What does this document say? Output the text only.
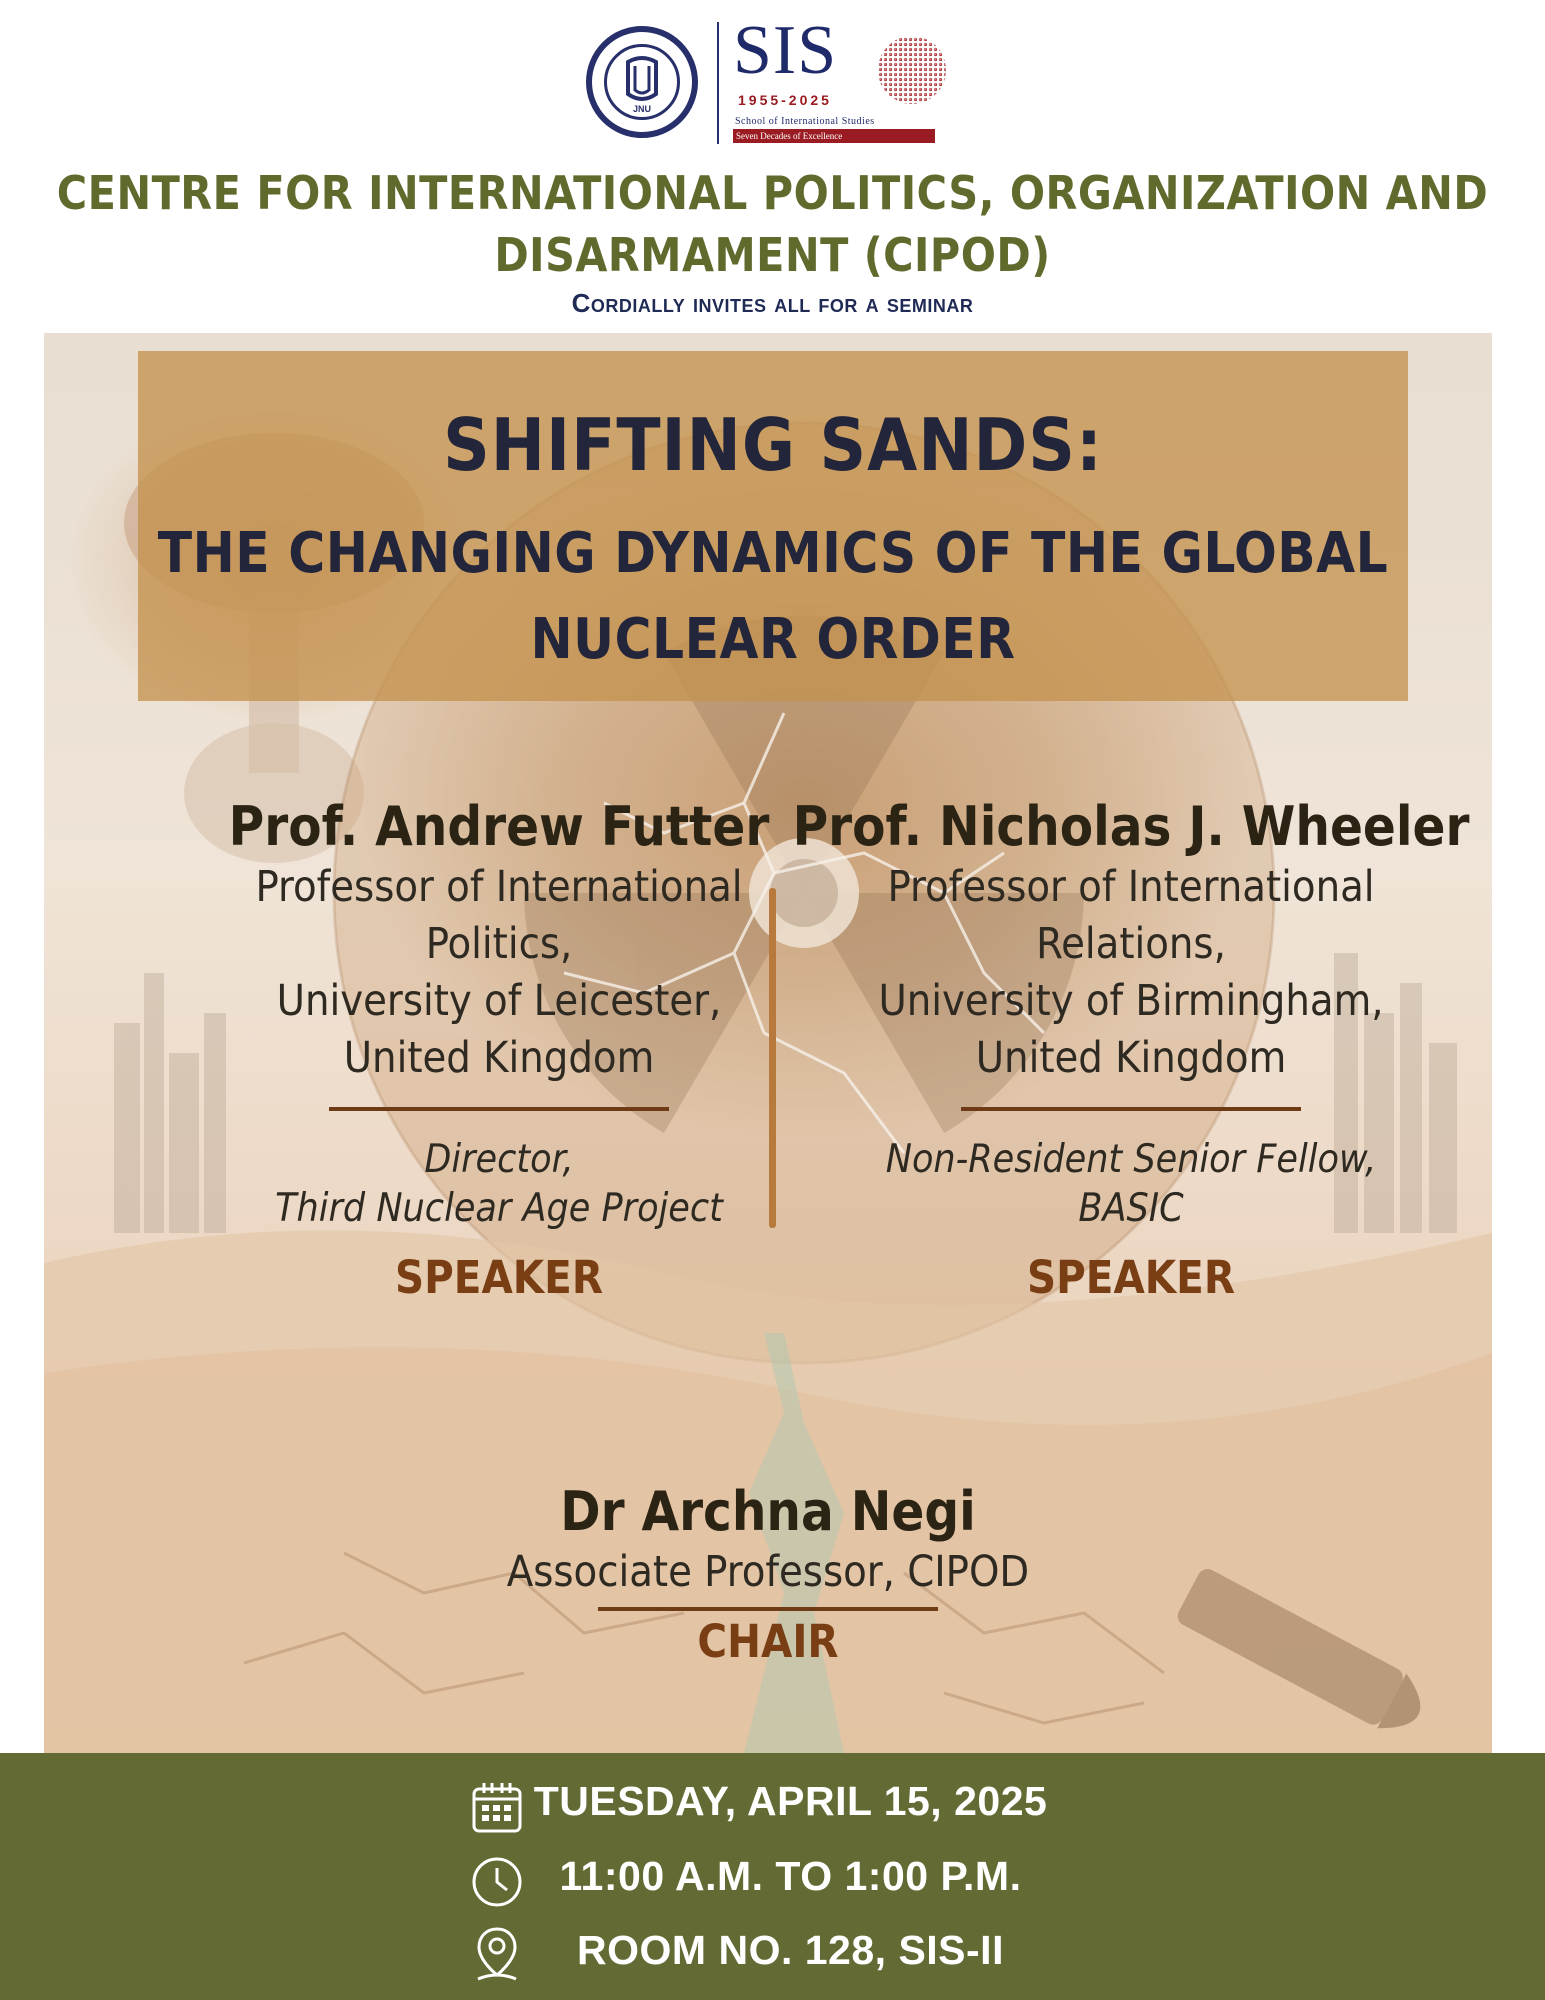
JNU
SIS
1955-2025
School of International Studies
Seven Decades of Excellence
CENTRE FOR INTERNATIONAL POLITICS, ORGANIZATION AND
DISARMAMENT (CIPOD)
Cordially invites all for a seminar
SHIFTING SANDS:
THE CHANGING DYNAMICS OF THE GLOBAL
NUCLEAR ORDER
Prof. Andrew Futter
Professor of International
Politics,
University of Leicester,
United Kingdom
Director,
Third Nuclear Age Project
SPEAKER
Prof. Nicholas J. Wheeler
Professor of International
Relations,
University of Birmingham,
United Kingdom
Non-Resident Senior Fellow,
BASIC
SPEAKER
Dr Archna Negi
Associate Professor, CIPOD
CHAIR
TUESDAY, APRIL 15, 2025
11:00 A.M. TO 1:00 P.M.
ROOM NO. 128, SIS-II
